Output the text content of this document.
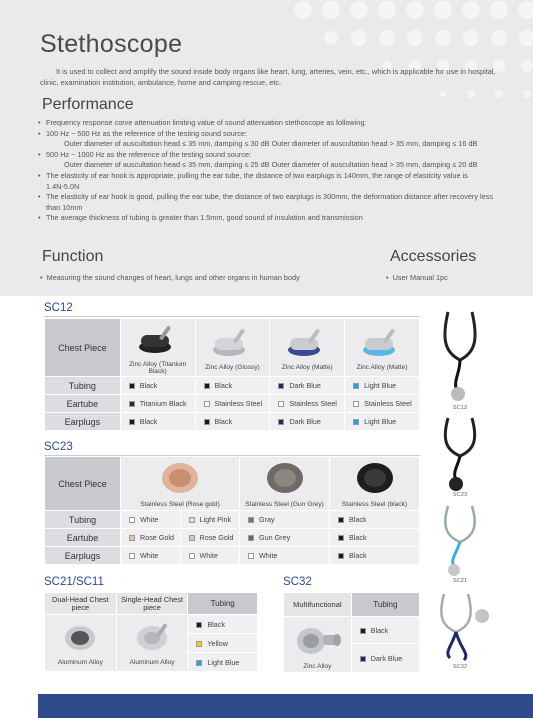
Stethoscope
It is used to collect and amplify the sound inside body organs like heart, lung, arteries, vein, etc., which is applicable for use in hospital, clinic, examination institution, ambulance, home and camping rescue, etc.
Performance
• Frequency response corve attenuation limiting value of sound attenuation stethoscope as following:
• 100 Hz ~ 500 Hz as the reference of the testing sound source:
Outer diameter of auscultation head ≤ 35 mm, damping ≤ 30 dB Outer diameter of auscultation head > 35 mm, damping ≤ 16 dB
• 500 Hz ~ 1000 Hz as the reference of the testing sound source:
Outer diameter of auscultation head ≤ 35 mm, damping ≤ 25 dB Outer diameter of auscultation head > 35 mm, damping ≤ 20 dB
• The elasticity of ear hook is appropriate, pulling the ear tube, the distance of two earplugs is 140mm, the range of elasticity value is
1.4N-5.0N
• The elasticity of ear hook is good, pulling the ear tube, the distance of two earplugs is 300mm, the deformation distance after recovery less
than 10mm
• The average thickness of tubing is greater than 1.5mm, good sound of insulation and transmission
Function
•  Measuring the sound changes of heart, lungs and other organs in human body
Accessories
•  User Manual 1pc
SC12
Chest Piece	Zinc Alloy (Titanium Black)	Zinc Alloy (Glossy)	Zinc Alloy (Matte)	Zinc Alloy (Matte)

Tubing	Black	Black	Dark Blue	Light Blue
Eartube	Titanium Black	Stainless Steel	Stainless Steel	Stainless Steel
Earplugs	Black	Black	Dark Blue	Light Blue
SC23
Chest Piece	Stainless Steel (Rose gold)		Stainless Steel (Gun Grey)	Stainless Steel (black)

Tubing	White	Light Pink	Gray	Black
Eartube	Rose Gold	Rose Gold	Gun Grey	Black
Earplugs	White	White	White	Black
SC21/SC11
Dual-Head Chest piece	Single-Head Chest piece	Tubing

Aluminum Alloy	Aluminum Alloy	Black
		Yellow
		Light Blue
SC32
Multifunctional	Tubing

Zinc Alloy	Black
	Dark Blue
SC12
SC23
SC21
SC32
